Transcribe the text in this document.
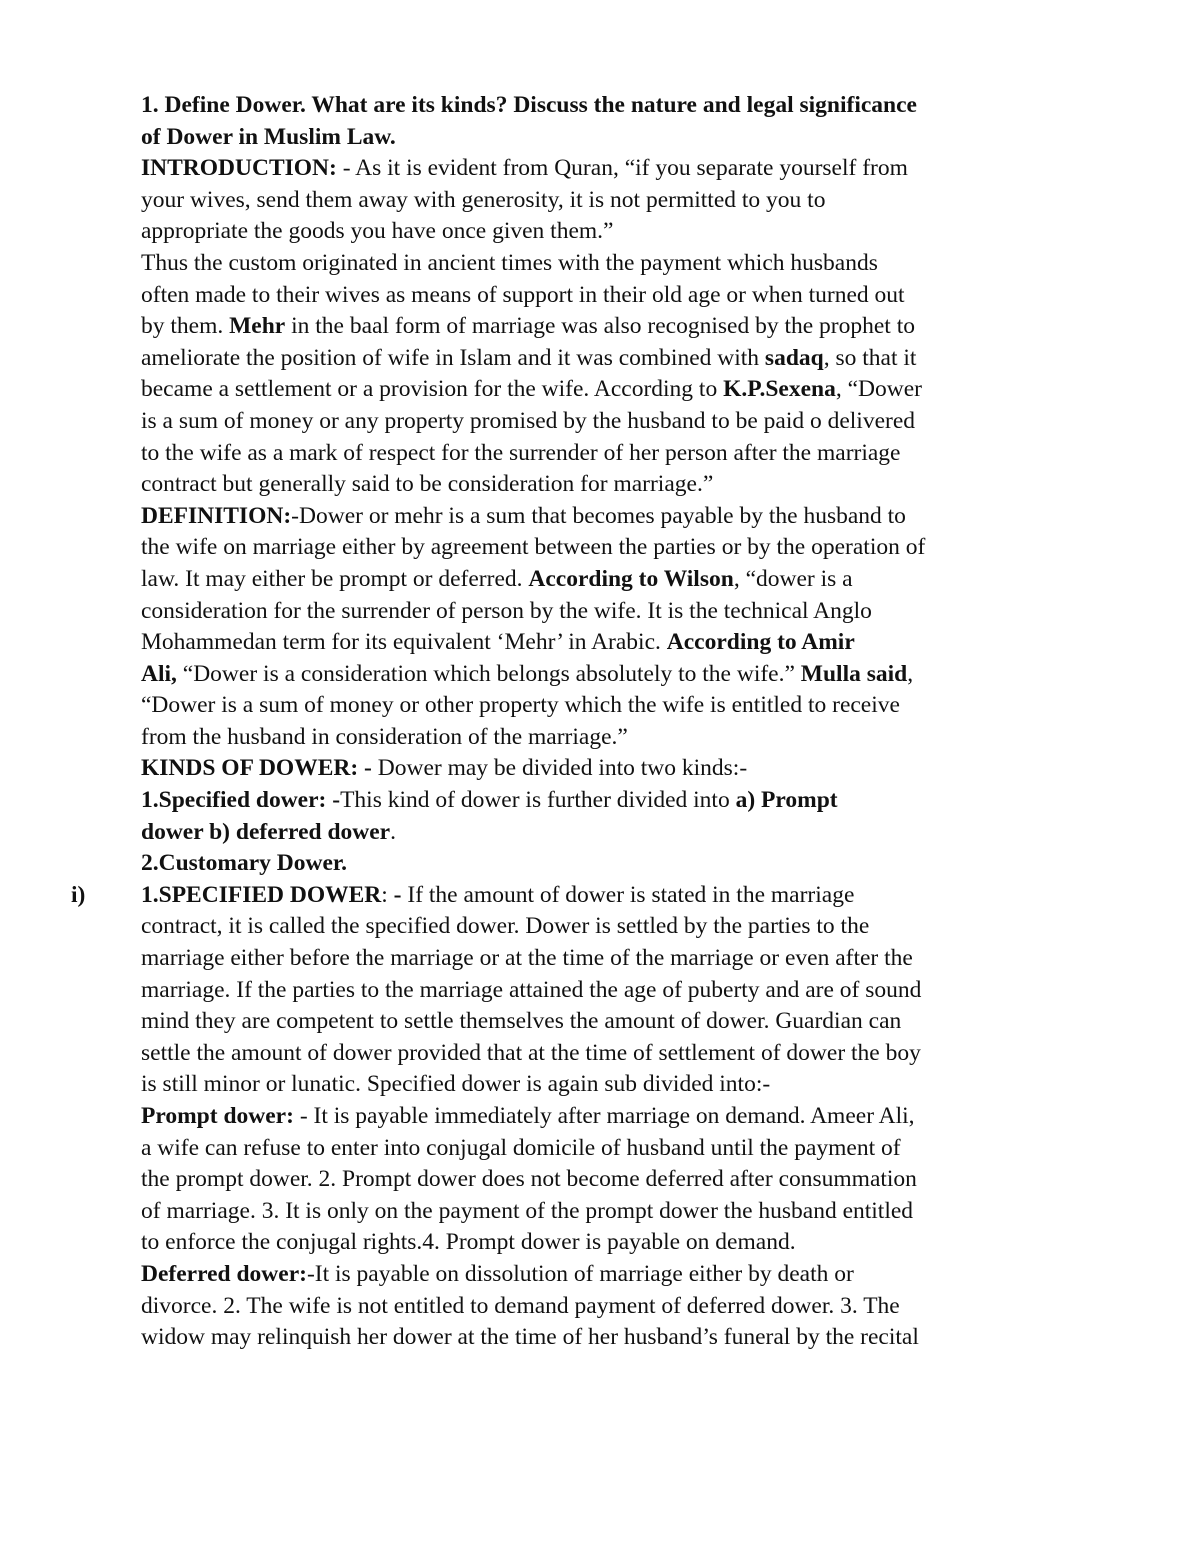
1. Define Dower. What are its kinds? Discuss the nature and legal significance
of Dower in Muslim Law.
INTRODUCTION: - As it is evident from Quran, “if you separate yourself from
your wives, send them away with generosity, it is not permitted to you to
appropriate the goods you have once given them.”
Thus the custom originated in ancient times with the payment which husbands
often made to their wives as means of support in their old age or when turned out
by them. Mehr in the baal form of marriage was also recognised by the prophet to
ameliorate the position of wife in Islam and it was combined with sadaq, so that it
became a settlement or a provision for the wife. According to K.P.Sexena, “Dower
is a sum of money or any property promised by the husband to be paid o delivered
to the wife as a mark of respect for the surrender of her person after the marriage
contract but generally said to be consideration for marriage.”
DEFINITION:-Dower or mehr is a sum that becomes payable by the husband to
the wife on marriage either by agreement between the parties or by the operation of
law. It may either be prompt or deferred. According to Wilson, “dower is a
consideration for the surrender of person by the wife. It is the technical Anglo
Mohammedan term for its equivalent ‘Mehr’ in Arabic. According to Amir
Ali, “Dower is a consideration which belongs absolutely to the wife.” Mulla said,
“Dower is a sum of money or other property which the wife is entitled to receive
from the husband in consideration of the marriage.”
KINDS OF DOWER: - Dower may be divided into two kinds:-
1.Specified dower: -This kind of dower is further divided into a) Prompt
dower b) deferred dower.
2.Customary Dower.
i) 1.SPECIFIED DOWER: - If the amount of dower is stated in the marriage
contract, it is called the specified dower. Dower is settled by the parties to the
marriage either before the marriage or at the time of the marriage or even after the
marriage. If the parties to the marriage attained the age of puberty and are of sound
mind they are competent to settle themselves the amount of dower. Guardian can
settle the amount of dower provided that at the time of settlement of dower the boy
is still minor or lunatic. Specified dower is again sub divided into:-
Prompt dower: - It is payable immediately after marriage on demand. Ameer Ali,
a wife can refuse to enter into conjugal domicile of husband until the payment of
the prompt dower. 2. Prompt dower does not become deferred after consummation
of marriage. 3. It is only on the payment of the prompt dower the husband entitled
to enforce the conjugal rights.4. Prompt dower is payable on demand.
Deferred dower:-It is payable on dissolution of marriage either by death or
divorce. 2. The wife is not entitled to demand payment of deferred dower. 3. The
widow may relinquish her dower at the time of her husband’s funeral by the recital
